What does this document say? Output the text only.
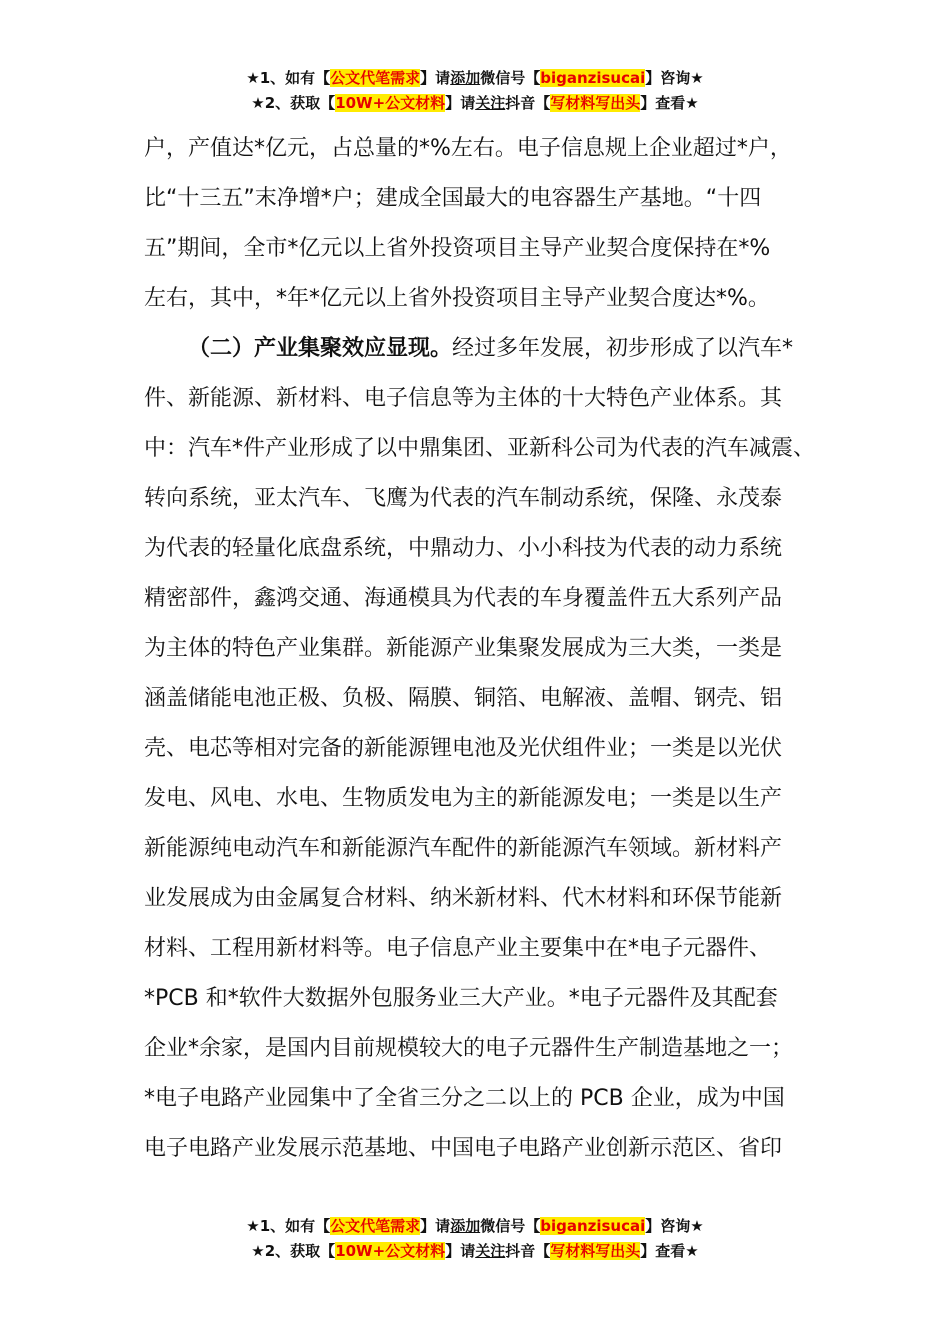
★1、如有【公文代笔需求】请添加微信号【biganzisucai】咨询★
★2、获取【10W+公文材料】请关注抖音【写材料写出头】查看★
户，产值达*亿元，占总量的*%左右。电子信息规上企业超过*户，
比“十三五”末净增*户；建成全国最大的电容器生产基地。“十四
五”期间，全市*亿元以上省外投资项目主导产业契合度保持在*%
左右，其中，*年*亿元以上省外投资项目主导产业契合度达*%。
（二）产业集聚效应显现。经过多年发展，初步形成了以汽车*
件、新能源、新材料、电子信息等为主体的十大特色产业体系。其
中：汽车*件产业形成了以中鼎集团、亚新科公司为代表的汽车减震、
转向系统，亚太汽车、飞鹰为代表的汽车制动系统，保隆、永茂泰
为代表的轻量化底盘系统，中鼎动力、小小科技为代表的动力系统
精密部件，鑫鸿交通、海通模具为代表的车身覆盖件五大系列产品
为主体的特色产业集群。新能源产业集聚发展成为三大类，一类是
涵盖储能电池正极、负极、隔膜、铜箔、电解液、盖帽、钢壳、铝
壳、电芯等相对完备的新能源锂电池及光伏组件业；一类是以光伏
发电、风电、水电、生物质发电为主的新能源发电；一类是以生产
新能源纯电动汽车和新能源汽车配件的新能源汽车领域。新材料产
业发展成为由金属复合材料、纳米新材料、代木材料和环保节能新
材料、工程用新材料等。电子信息产业主要集中在*电子元器件、
*PCB 和*软件大数据外包服务业三大产业。*电子元器件及其配套
企业*余家，是国内目前规模较大的电子元器件生产制造基地之一；
*电子电路产业园集中了全省三分之二以上的 PCB 企业，成为中国
电子电路产业发展示范基地、中国电子电路产业创新示范区、省印
★1、如有【公文代笔需求】请添加微信号【biganzisucai】咨询★
★2、获取【10W+公文材料】请关注抖音【写材料写出头】查看★
